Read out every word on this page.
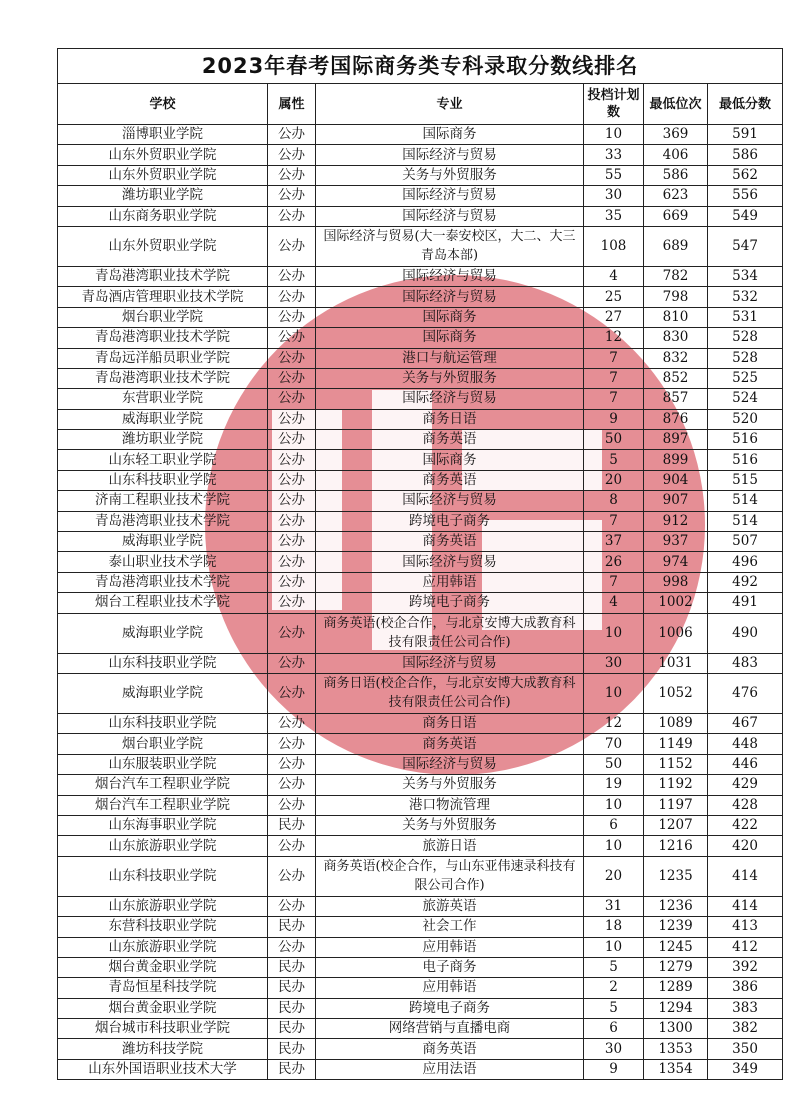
2023年春考国际商务类专科录取分数线排名					
学校	属性	专业	投档计划数	最低位次	最低分数
淄博职业学院	公办	国际商务	10	369	591
山东外贸职业学院	公办	国际经济与贸易	33	406	586
山东外贸职业学院	公办	关务与外贸服务	55	586	562
潍坊职业学院	公办	国际经济与贸易	30	623	556
山东商务职业学院	公办	国际经济与贸易	35	669	549
山东外贸职业学院	公办	国际经济与贸易(大一泰安校区，大二、大三青岛本部)	108	689	547
青岛港湾职业技术学院	公办	国际经济与贸易	4	782	534
青岛酒店管理职业技术学院	公办	国际经济与贸易	25	798	532
烟台职业学院	公办	国际商务	27	810	531
青岛港湾职业技术学院	公办	国际商务	12	830	528
青岛远洋船员职业学院	公办	港口与航运管理	7	832	528
青岛港湾职业技术学院	公办	关务与外贸服务	7	852	525
东营职业学院	公办	国际经济与贸易	7	857	524
威海职业学院	公办	商务日语	9	876	520
潍坊职业学院	公办	商务英语	50	897	516
山东轻工职业学院	公办	国际商务	5	899	516
山东科技职业学院	公办	商务英语	20	904	515
济南工程职业技术学院	公办	国际经济与贸易	8	907	514
青岛港湾职业技术学院	公办	跨境电子商务	7	912	514
威海职业学院	公办	商务英语	37	937	507
泰山职业技术学院	公办	国际经济与贸易	26	974	496
青岛港湾职业技术学院	公办	应用韩语	7	998	492
烟台工程职业技术学院	公办	跨境电子商务	4	1002	491
威海职业学院	公办	商务英语(校企合作，与北京安博大成教育科技有限责任公司合作)	10	1006	490
山东科技职业学院	公办	国际经济与贸易	30	1031	483
威海职业学院	公办	商务日语(校企合作，与北京安博大成教育科技有限责任公司合作)	10	1052	476
山东科技职业学院	公办	商务日语	12	1089	467
烟台职业学院	公办	商务英语	70	1149	448
山东服装职业学院	公办	国际经济与贸易	50	1152	446
烟台汽车工程职业学院	公办	关务与外贸服务	19	1192	429
烟台汽车工程职业学院	公办	港口物流管理	10	1197	428
山东海事职业学院	民办	关务与外贸服务	6	1207	422
山东旅游职业学院	公办	旅游日语	10	1216	420
山东科技职业学院	公办	商务英语(校企合作，与山东亚伟速录科技有限公司合作)	20	1235	414
山东旅游职业学院	公办	旅游英语	31	1236	414
东营科技职业学院	民办	社会工作	18	1239	413
山东旅游职业学院	公办	应用韩语	10	1245	412
烟台黄金职业学院	民办	电子商务	5	1279	392
青岛恒星科技学院	民办	应用韩语	2	1289	386
烟台黄金职业学院	民办	跨境电子商务	5	1294	383
烟台城市科技职业学院	民办	网络营销与直播电商	6	1300	382
潍坊科技学院	民办	商务英语	30	1353	350
山东外国语职业技术大学	民办	应用法语	9	1354	349
